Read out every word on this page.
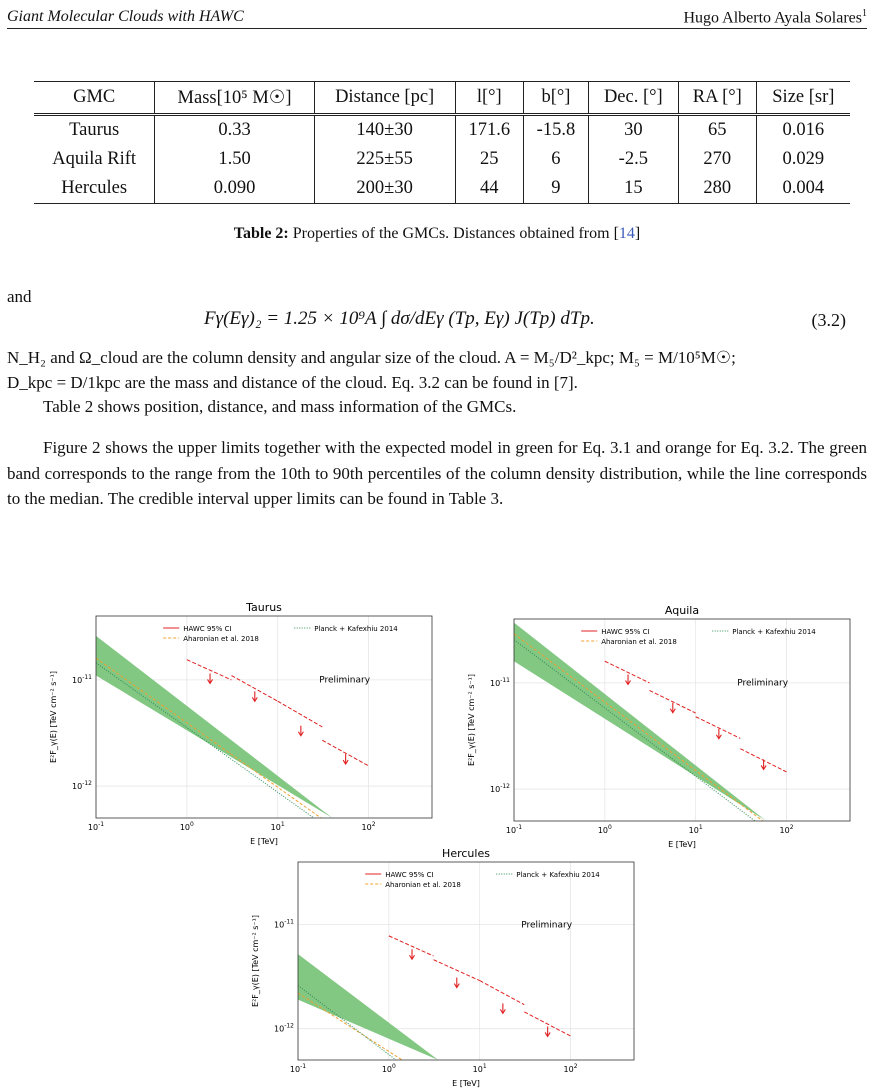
Giant Molecular Clouds with HAWC	Hugo Alberto Ayala Solares$^1$
GMC	Mass[10⁵ M☉]	Distance [pc]	l[°]	b[°]	Dec. [°]	RA [°]	Size [sr]
Taurus	0.33	140±30	171.6	-15.8	30	65	0.016
Aquila Rift	1.50	225±55	25	6	-2.5	270	0.029
Hercules	0.090	200±30	44	9	15	280	0.004
Table 2: Properties of the GMCs. Distances obtained from [14]
and
Fγ(Eγ)₂ = 1.25 × 10⁹A ∫ dσ/dEγ (Tp, Eγ) J(Tp) dTp.	(3.2)
N_H₂ and Ω_cloud are the column density and angular size of the cloud. A = M₅/D²_kpc; M₅ = M/10⁵M☉;
D_kpc = D/1kpc are the mass and distance of the cloud. Eq. 3.2 can be found in [7].
Table 2 shows position, distance, and mass information of the GMCs.
Figure 2 shows the upper limits together with the expected model in green for Eq. 3.1 and orange for Eq. 3.2. The green band corresponds to the range from the 10th to 90th percentiles of the column density distribution, while the line corresponds to the median. The credible interval upper limits can be found in Table 3.
Taurus
$10^{-1}$	$10^0$	$10^1$	$10^2$
$10^{-12}$
$10^{-11}$
E [TeV]
E²F_γ(E) [TeV cm⁻² s⁻¹]	Preliminary
HAWC 95% CI
Aharonian et al. 2018
Planck + Kafexhiu 2014
Aquila
$10^{-1}$	$10^0$	$10^1$	$10^2$
$10^{-12}$
$10^{-11}$
E [TeV]
E²F_γ(E) [TeV cm⁻² s⁻¹]	Preliminary
HAWC 95% CI
Aharonian et al. 2018
Planck + Kafexhiu 2014
Hercules
$10^{-1}$	$10^0$	$10^1$	$10^2$
$10^{-12}$
$10^{-11}$
E [TeV]
E²F_γ(E) [TeV cm⁻² s⁻¹]	Preliminary
HAWC 95% CI
Aharonian et al. 2018
Planck + Kafexhiu 2014
